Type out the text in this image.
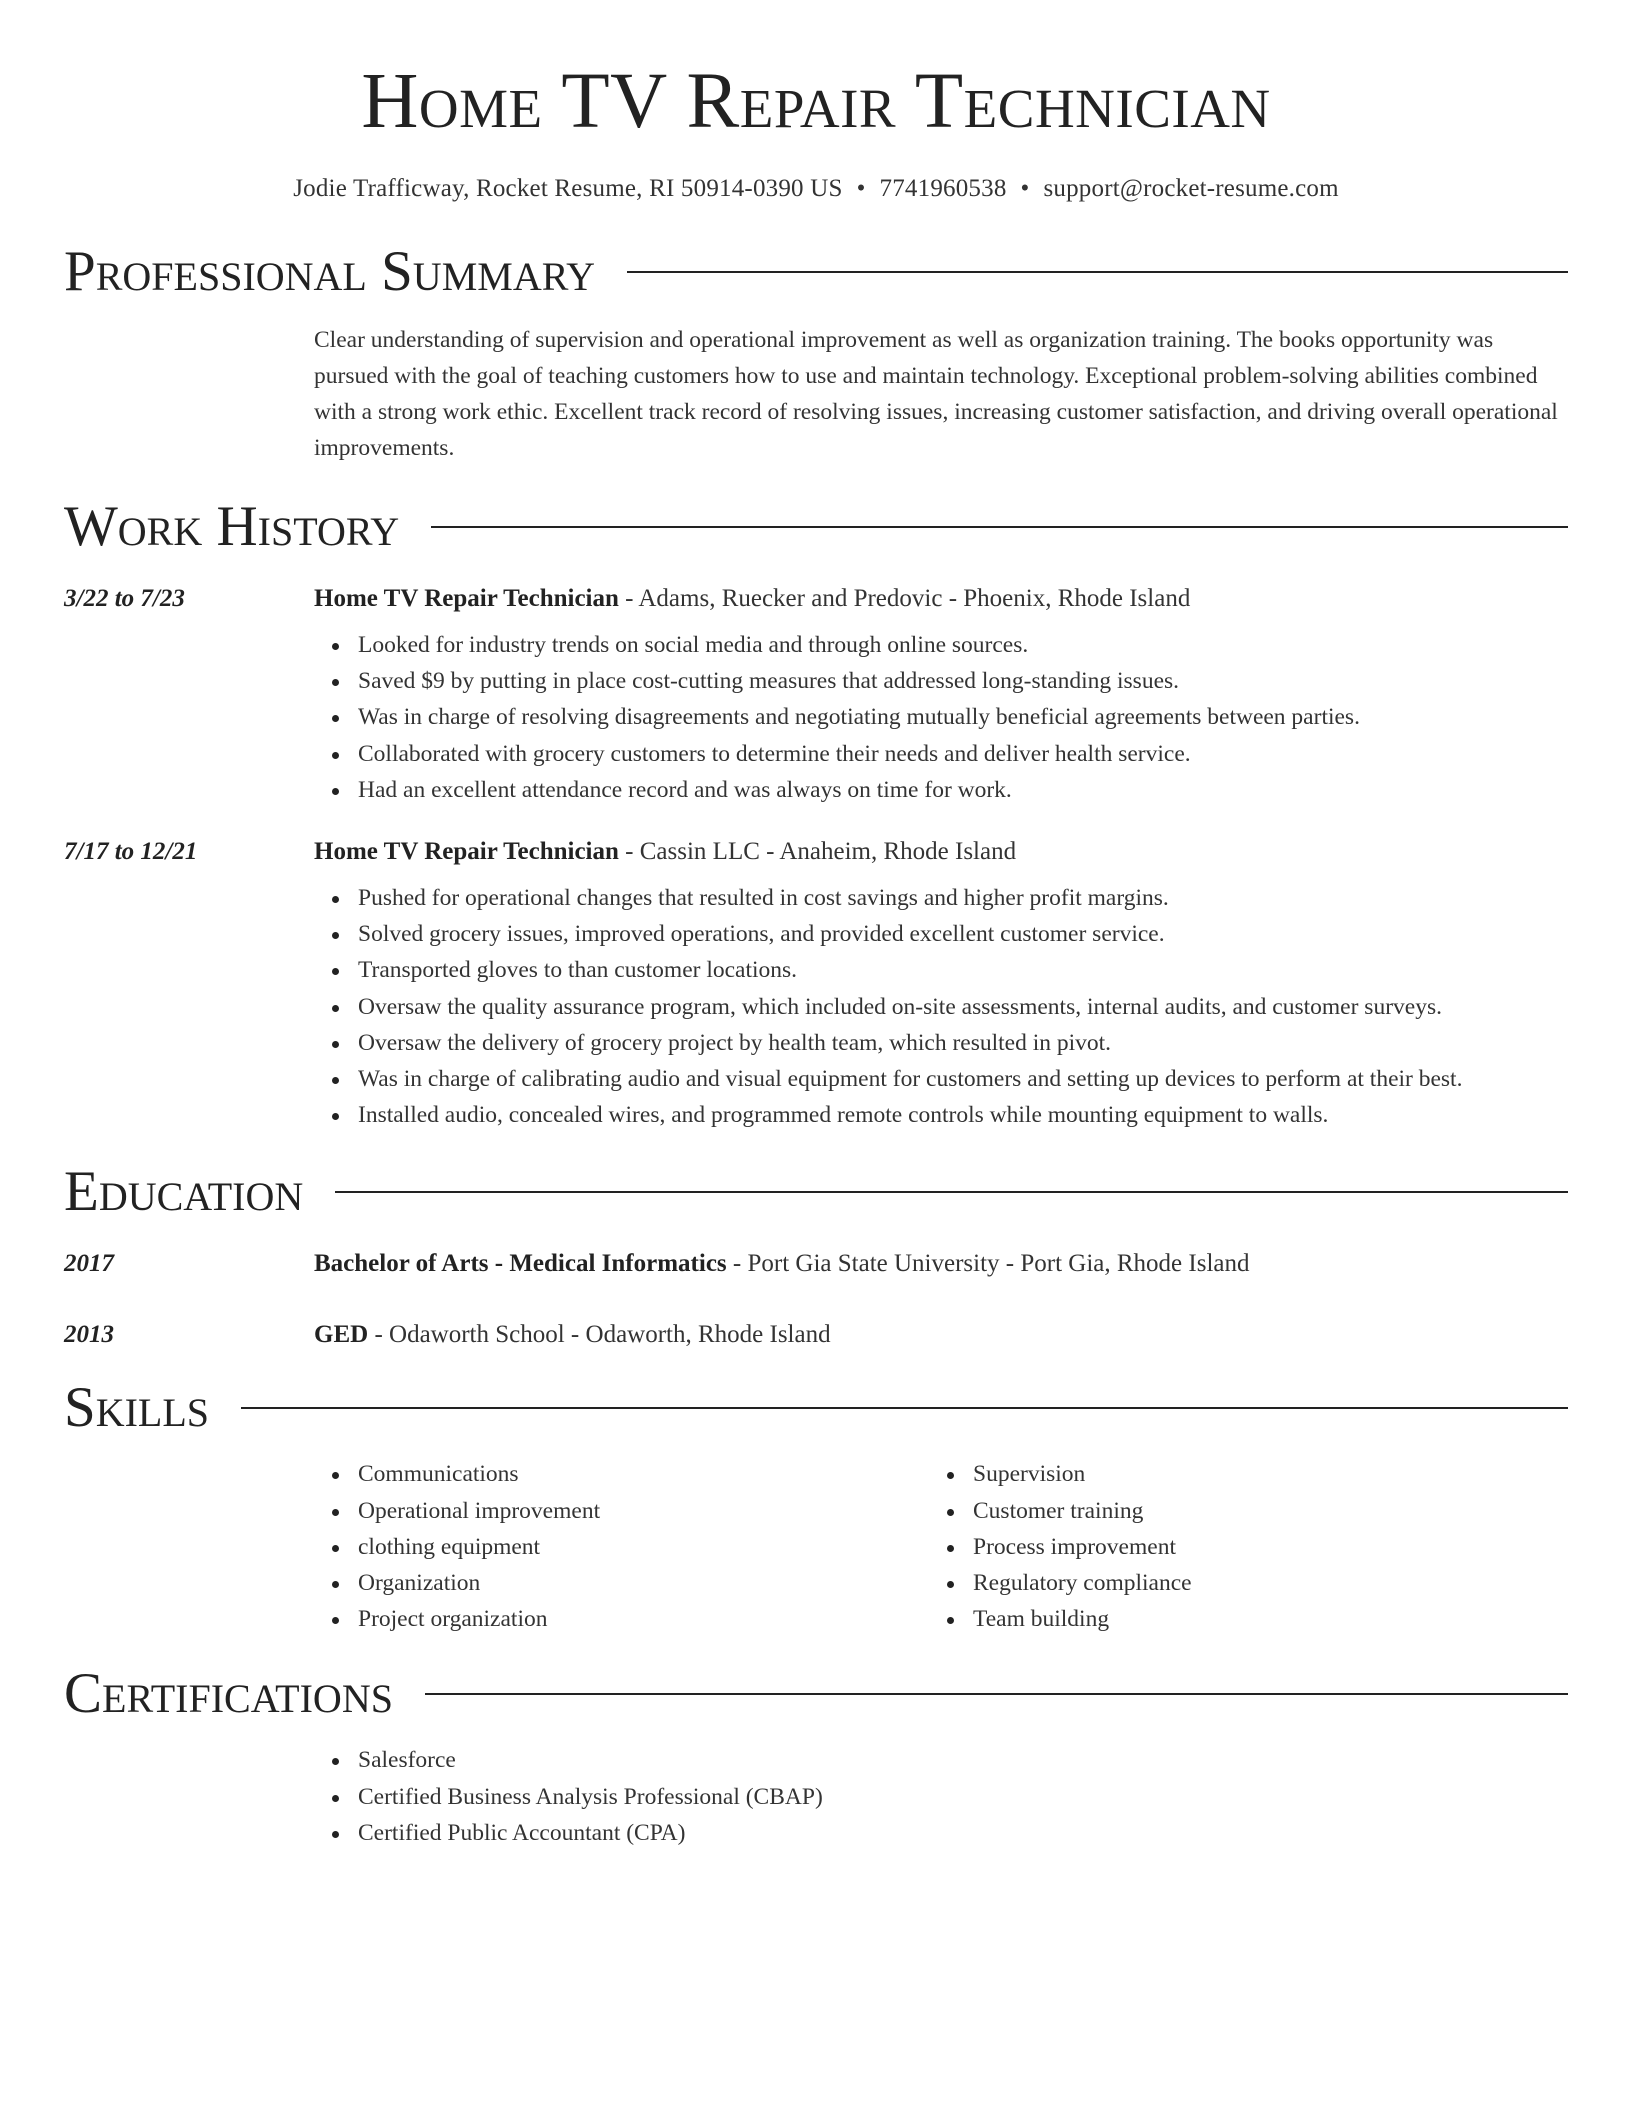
Home TV Repair Technician
Jodie Trafficway, Rocket Resume, RI 50914-0390 US • 7741960538 • support@rocket-resume.com
Professional Summary
Clear understanding of supervision and operational improvement as well as organization training. The books opportunity was pursued with the goal of teaching customers how to use and maintain technology. Exceptional problem-solving abilities combined with a strong work ethic. Excellent track record of resolving issues, increasing customer satisfaction, and driving overall operational improvements.
Work History
3/22 to 7/23	Home TV Repair Technician - Adams, Ruecker and Predovic - Phoenix, Rhode Island
Looked for industry trends on social media and through online sources.
Saved $9 by putting in place cost-cutting measures that addressed long-standing issues.
Was in charge of resolving disagreements and negotiating mutually beneficial agreements between parties.
Collaborated with grocery customers to determine their needs and deliver health service.
Had an excellent attendance record and was always on time for work.
7/17 to 12/21	Home TV Repair Technician - Cassin LLC - Anaheim, Rhode Island
Pushed for operational changes that resulted in cost savings and higher profit margins.
Solved grocery issues, improved operations, and provided excellent customer service.
Transported gloves to than customer locations.
Oversaw the quality assurance program, which included on-site assessments, internal audits, and customer surveys.
Oversaw the delivery of grocery project by health team, which resulted in pivot.
Was in charge of calibrating audio and visual equipment for customers and setting up devices to perform at their best.
Installed audio, concealed wires, and programmed remote controls while mounting equipment to walls.
Education
2017	Bachelor of Arts - Medical Informatics - Port Gia State University - Port Gia, Rhode Island
2013	GED - Odaworth School - Odaworth, Rhode Island
Skills
Communications
Operational improvement
clothing equipment
Organization
Project organization
Supervision
Customer training
Process improvement
Regulatory compliance
Team building
Certifications
Salesforce
Certified Business Analysis Professional (CBAP)
Certified Public Accountant (CPA)
